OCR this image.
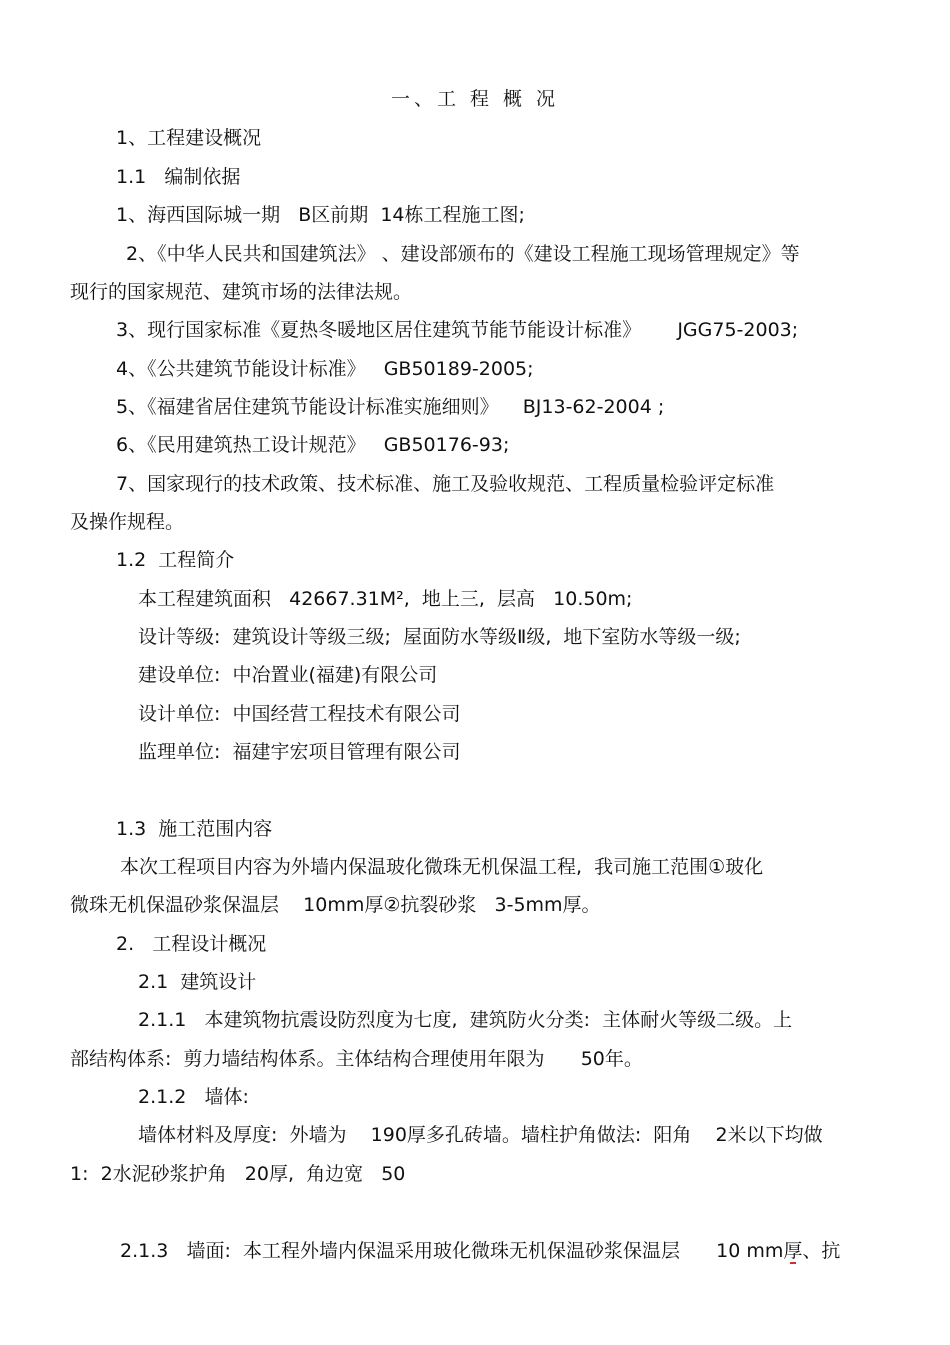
一、工 程 概 况
1、工程建设概况
1.1   编制依据
1、海西国际城一期   B区前期  14栋工程施工图;
2、《中华人民共和国建筑法》 、建设部颁布的《建设工程施工现场管理规定》等
现行的国家规范、建筑市场的法律法规。
3、现行国家标准《夏热冬暖地区居住建筑节能节能设计标准》      JGG75-2003;
4、《公共建筑节能设计标准》   GB50189-2005;
5、《福建省居住建筑节能设计标准实施细则》    BJ13-62-2004 ;
6、《民用建筑热工设计规范》   GB50176-93;
7、国家现行的技术政策、技术标准、施工及验收规范、工程质量检验评定标准
及操作规程。
1.2  工程简介
本工程建筑面积   42667.31M²,  地上三,  层高   10.50m;
设计等级:  建筑设计等级三级;  屋面防水等级Ⅱ级,  地下室防水等级一级;
建设单位:  中冶置业(福建)有限公司
设计单位:  中国经营工程技术有限公司
监理单位:  福建宇宏项目管理有限公司
1.3  施工范围内容
本次工程项目内容为外墙内保温玻化微珠无机保温工程,  我司施工范围①玻化
微珠无机保温砂浆保温层    10mm厚②抗裂砂浆   3-5mm厚。
2.   工程设计概况
2.1  建筑设计
2.1.1   本建筑物抗震设防烈度为七度,  建筑防火分类:  主体耐火等级二级。上
部结构体系:  剪力墙结构体系。主体结构合理使用年限为      50年。
2.1.2   墙体:
墙体材料及厚度:  外墙为    190厚多孔砖墙。墙柱护角做法:  阳角    2米以下均做
1:  2水泥砂浆护角   20厚,  角边宽   50
2.1.3   墙面:  本工程外墙内保温采用玻化微珠无机保温砂浆保温层      10 mm厚、抗
